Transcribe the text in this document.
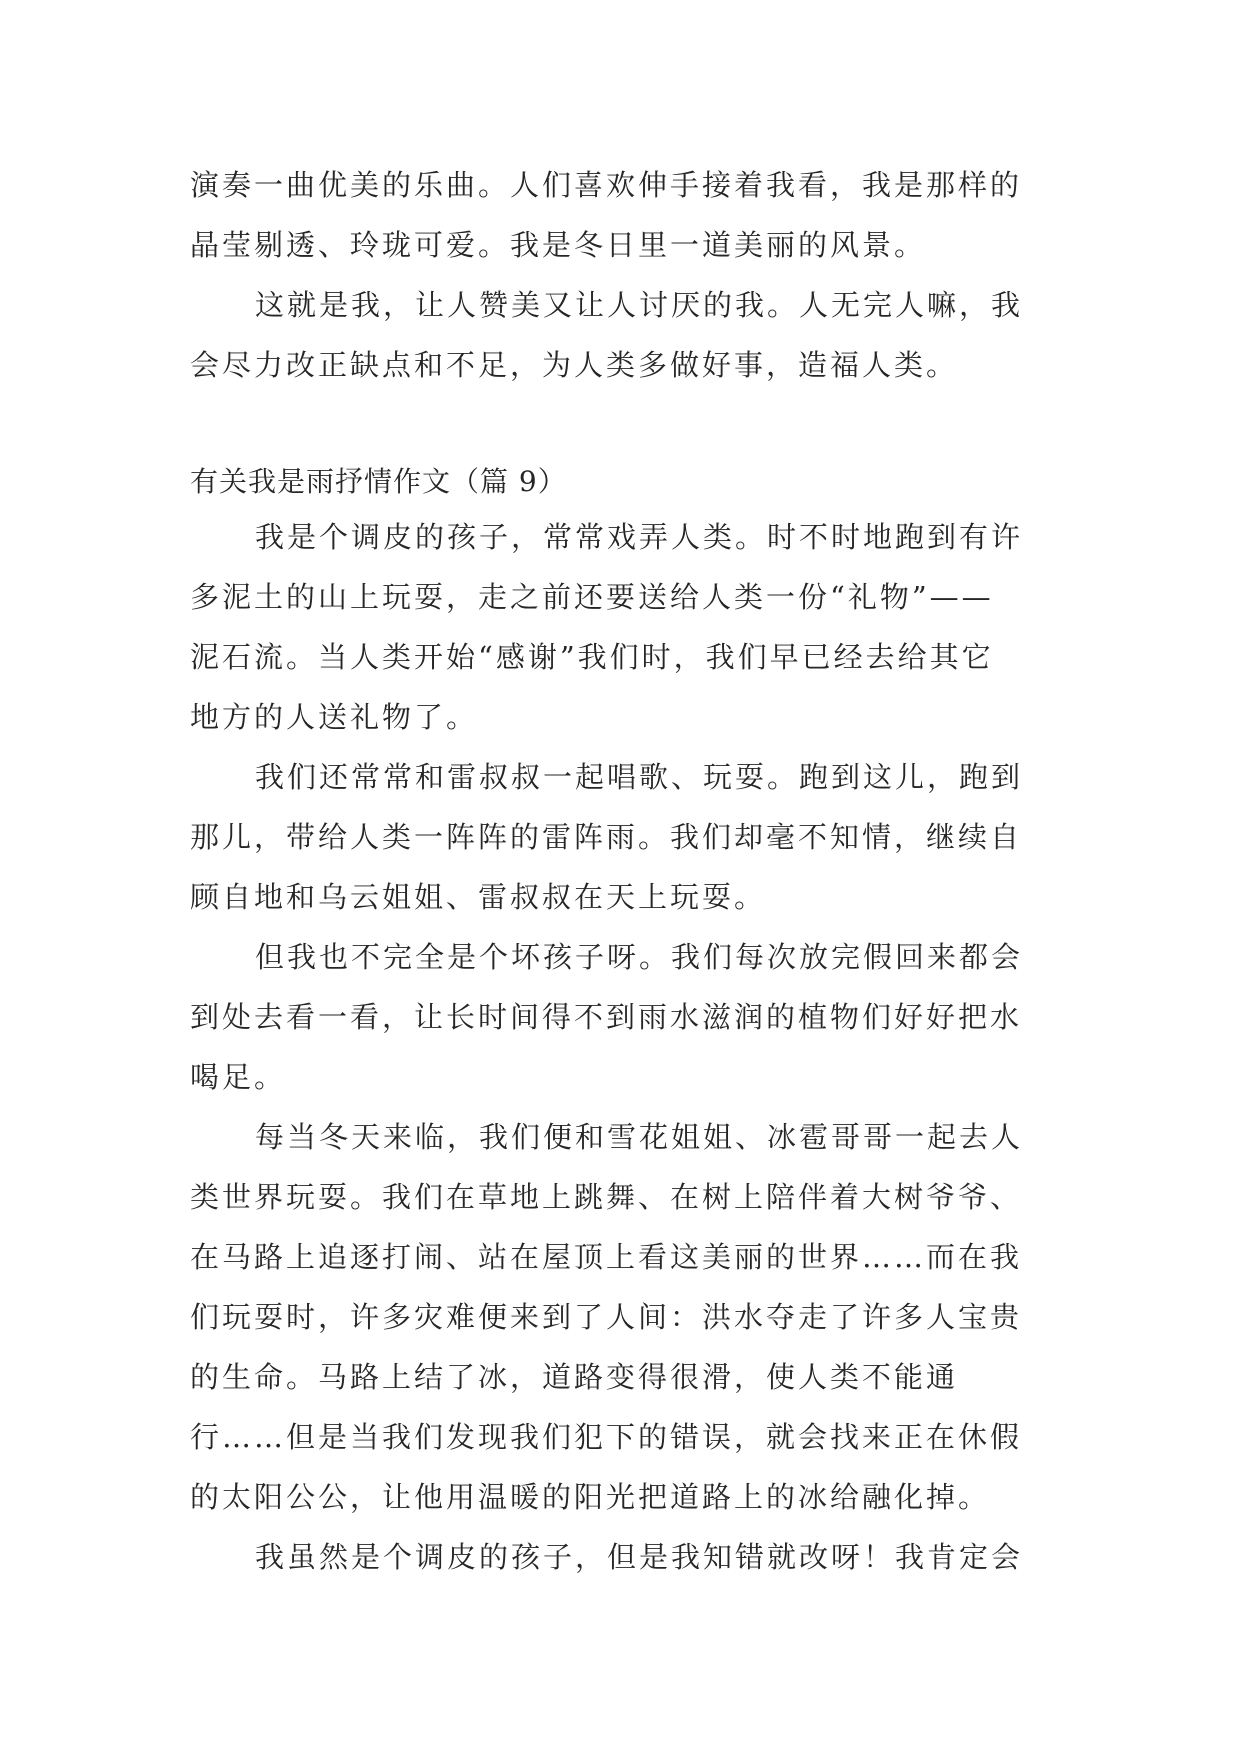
演奏一曲优美的乐曲。人们喜欢伸手接着我看，我是那样的
晶莹剔透、玲珑可爱。我是冬日里一道美丽的风景。
这就是我，让人赞美又让人讨厌的我。人无完人嘛，我
会尽力改正缺点和不足，为人类多做好事，造福人类。
有关我是雨抒情作文（篇 9）
我是个调皮的孩子，常常戏弄人类。时不时地跑到有许
多泥土的山上玩耍，走之前还要送给人类一份“礼物”——
泥石流。当人类开始“感谢”我们时，我们早已经去给其它
地方的人送礼物了。
我们还常常和雷叔叔一起唱歌、玩耍。跑到这儿，跑到
那儿，带给人类一阵阵的雷阵雨。我们却毫不知情，继续自
顾自地和乌云姐姐、雷叔叔在天上玩耍。
但我也不完全是个坏孩子呀。我们每次放完假回来都会
到处去看一看，让长时间得不到雨水滋润的植物们好好把水
喝足。
每当冬天来临，我们便和雪花姐姐、冰雹哥哥一起去人
类世界玩耍。我们在草地上跳舞、在树上陪伴着大树爷爷、
在马路上追逐打闹、站在屋顶上看这美丽的世界……而在我
们玩耍时，许多灾难便来到了人间：洪水夺走了许多人宝贵
的生命。马路上结了冰，道路变得很滑，使人类不能通
行……但是当我们发现我们犯下的错误，就会找来正在休假
的太阳公公，让他用温暖的阳光把道路上的冰给融化掉。
我虽然是个调皮的孩子，但是我知错就改呀！我肯定会
